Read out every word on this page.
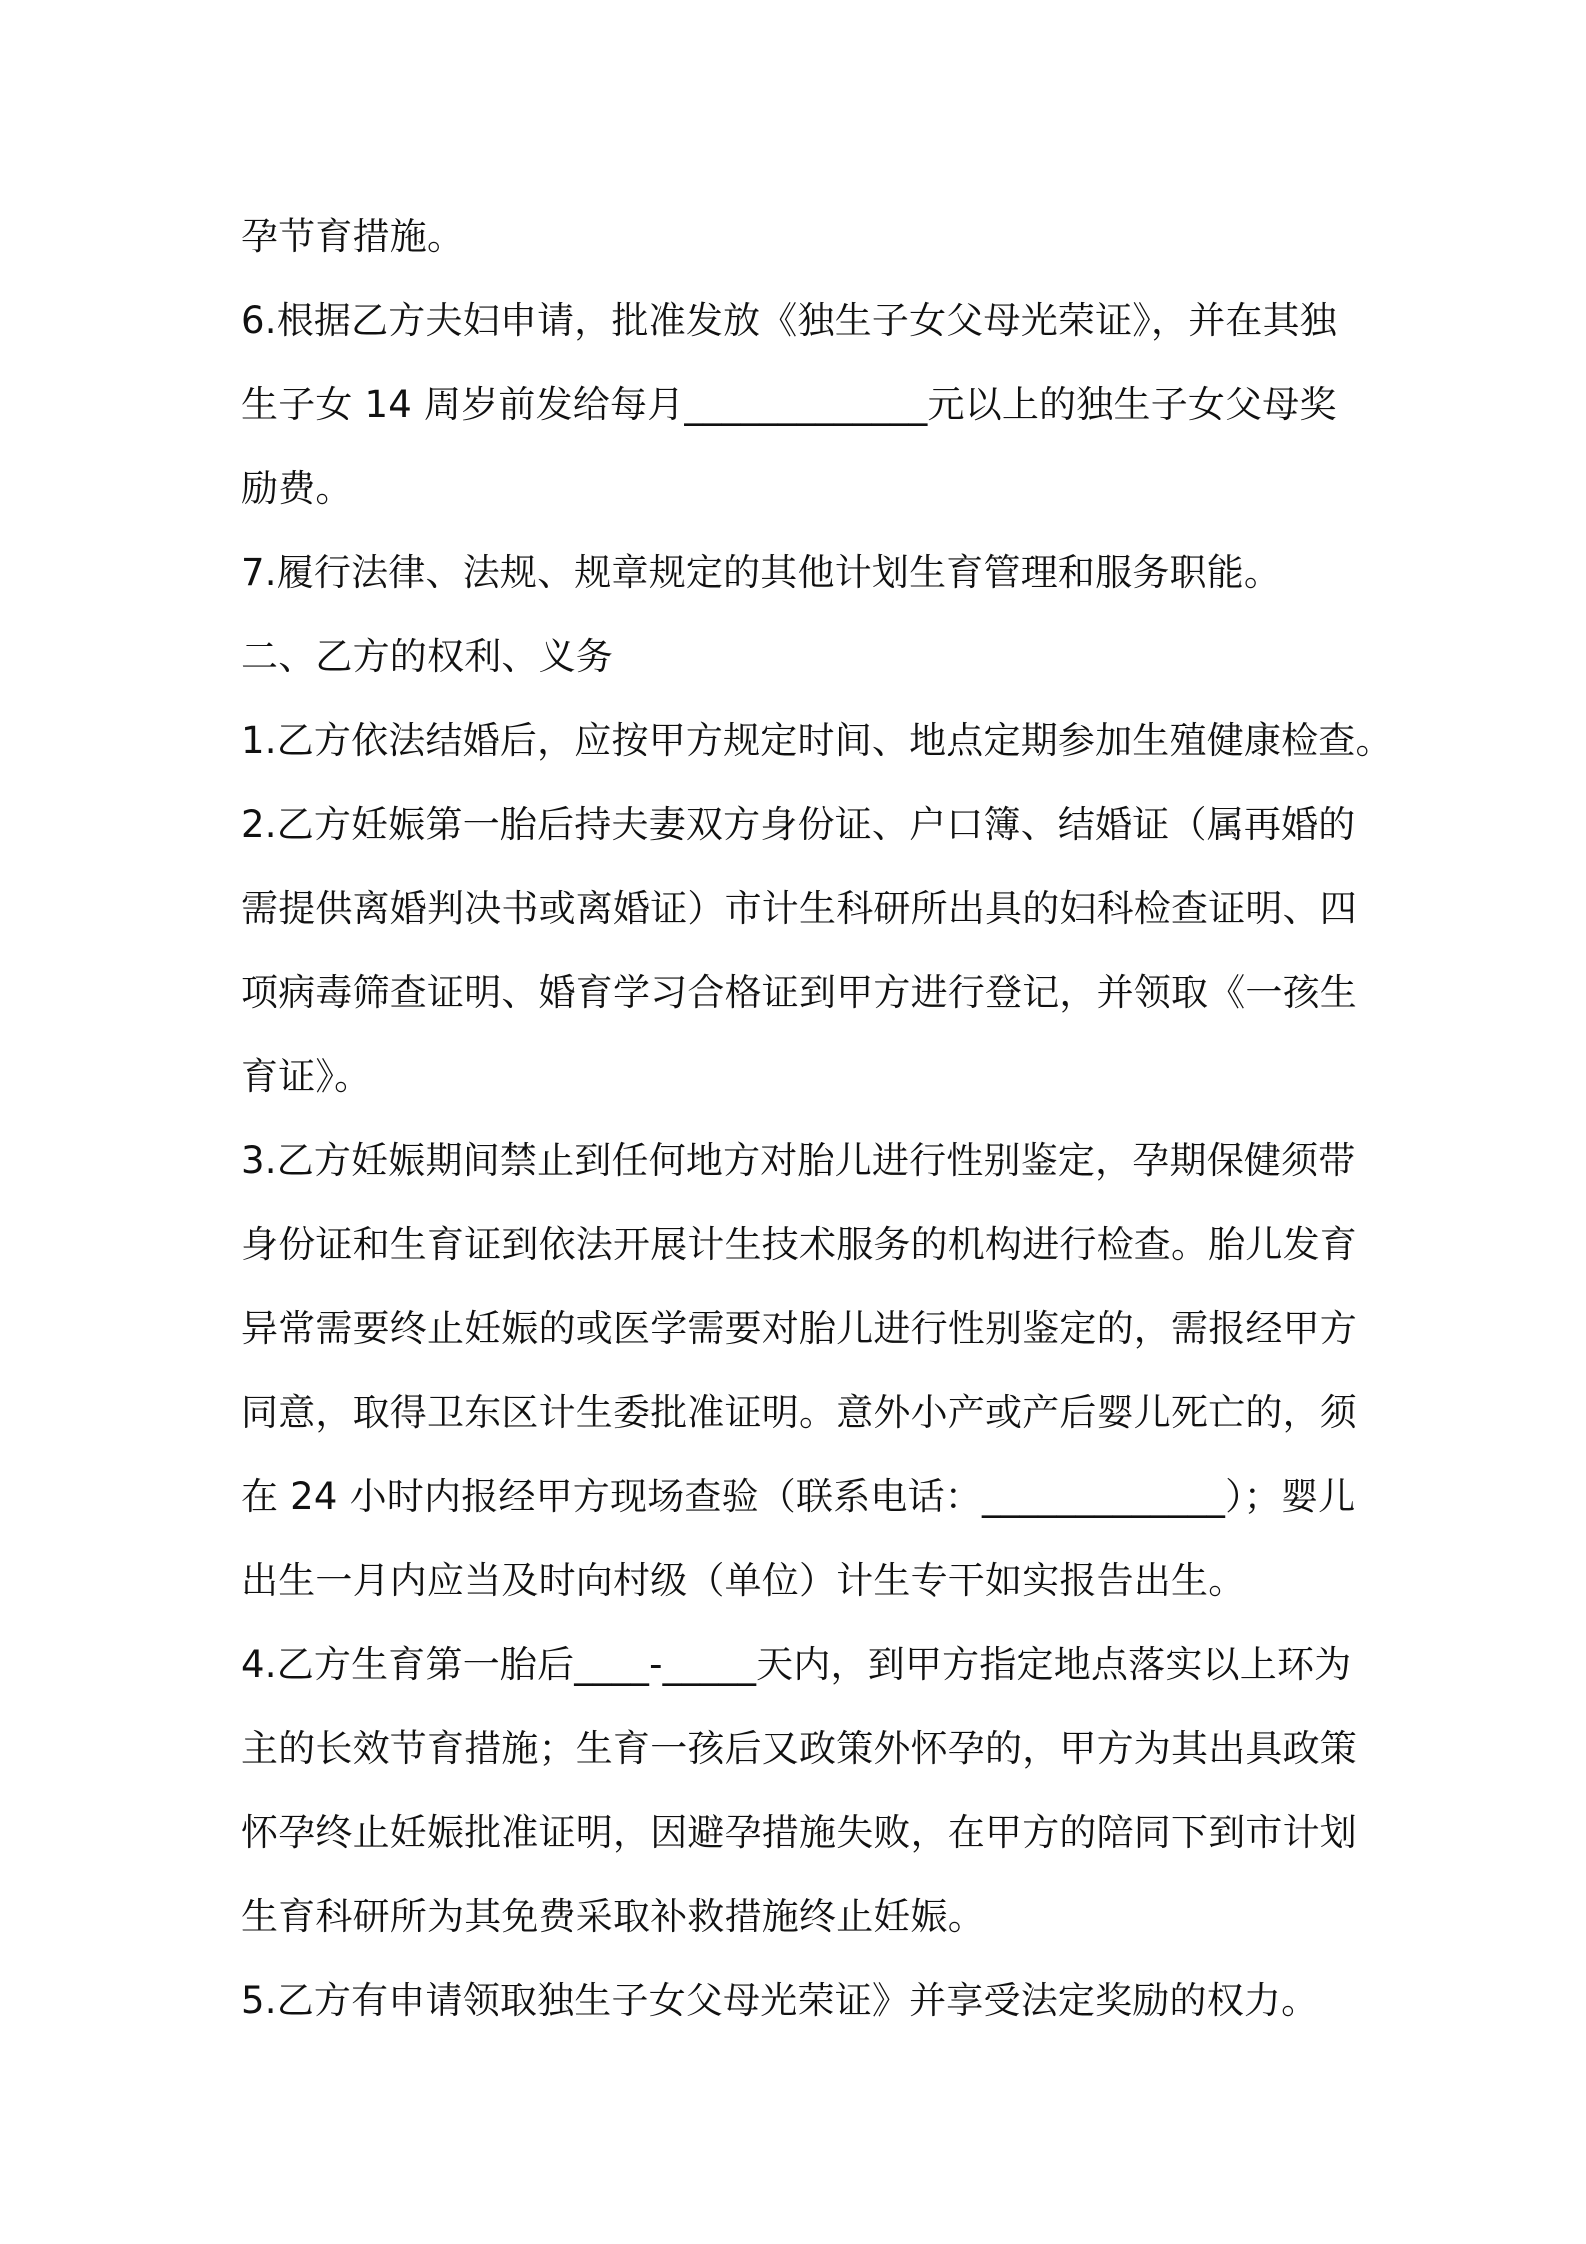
孕节育措施。
6.根据乙方夫妇申请，批准发放《独生子女父母光荣证》，并在其独
生子女 14 周岁前发给每月_____________元以上的独生子女父母奖
励费。
7.履行法律、法规、规章规定的其他计划生育管理和服务职能。
二、乙方的权利、义务
1.乙方依法结婚后，应按甲方规定时间、地点定期参加生殖健康检查。
2.乙方妊娠第一胎后持夫妻双方身份证、户口簿、结婚证（属再婚的
需提供离婚判决书或离婚证）市计生科研所出具的妇科检查证明、四
项病毒筛查证明、婚育学习合格证到甲方进行登记，并领取《一孩生
育证》。
3.乙方妊娠期间禁止到任何地方对胎儿进行性别鉴定，孕期保健须带
身份证和生育证到依法开展计生技术服务的机构进行检查。胎儿发育
异常需要终止妊娠的或医学需要对胎儿进行性别鉴定的，需报经甲方
同意，取得卫东区计生委批准证明。意外小产或产后婴儿死亡的，须
在 24 小时内报经甲方现场查验（联系电话：_____________）；婴儿
出生一月内应当及时向村级（单位）计生专干如实报告出生。
4.乙方生育第一胎后____-_____天内，到甲方指定地点落实以上环为
主的长效节育措施；生育一孩后又政策外怀孕的，甲方为其出具政策
怀孕终止妊娠批准证明，因避孕措施失败，在甲方的陪同下到市计划
生育科研所为其免费采取补救措施终止妊娠。
5.乙方有申请领取独生子女父母光荣证》并享受法定奖励的权力。
